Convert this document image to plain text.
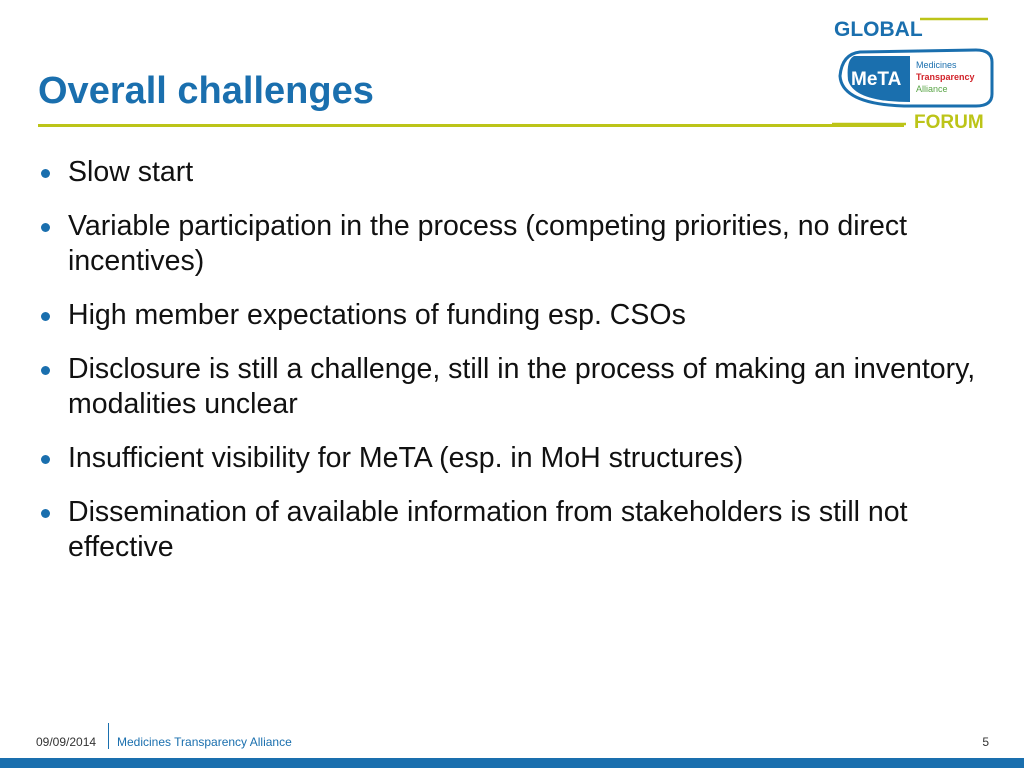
Overall challenges
GLOBAL
MeTA
Medicines
Transparency
Alliance
FORUM
Slow start
Variable participation in the process (competing priorities, no direct incentives)
High member expectations of funding esp. CSOs
Disclosure is still a challenge, still in the process of making an inventory, modalities unclear
Insufficient visibility for MeTA (esp. in MoH structures)
Dissemination of available information from stakeholders is still not effective
09/09/2014 Medicines Transparency Alliance	5
